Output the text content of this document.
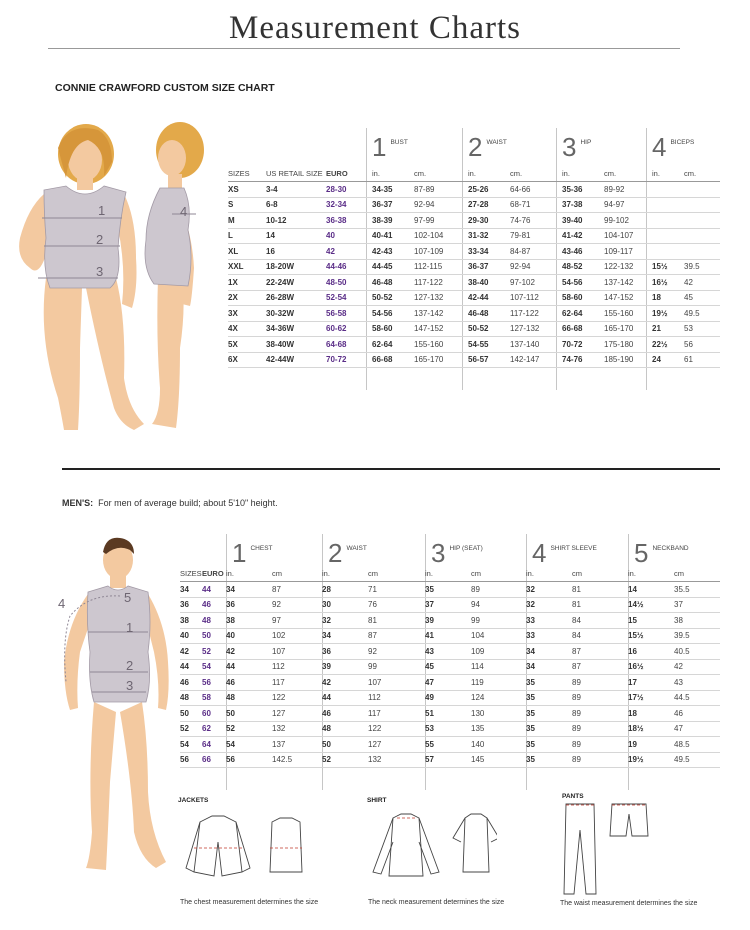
Measurement Charts
CONNIE CRAWFORD CUSTOM SIZE CHART
1
2
3
4
1 BUST 2 WAIST 3 HIP 4 BICEPS
SIZES	US RETAIL SIZE	EURO	in.	cm.	in.	cm.	in.	cm.	in.	cm.
XS	3-4	28-30	34-35	87-89	25-26	64-66	35-36	89-92		
S	6-8	32-34	36-37	92-94	27-28	68-71	37-38	94-97		
M	10-12	36-38	38-39	97-99	29-30	74-76	39-40	99-102		
L	14	40	40-41	102-104	31-32	79-81	41-42	104-107		
XL	16	42	42-43	107-109	33-34	84-87	43-46	109-117		
XXL	18-20W	44-46	44-45	112-115	36-37	92-94	48-52	122-132	15½	39.5
1X	22-24W	48-50	46-48	117-122	38-40	97-102	54-56	137-142	16½	42
2X	26-28W	52-54	50-52	127-132	42-44	107-112	58-60	147-152	18	45
3X	30-32W	56-58	54-56	137-142	46-48	117-122	62-64	155-160	19½	49.5
4X	34-36W	60-62	58-60	147-152	50-52	127-132	66-68	165-170	21	53
5X	38-40W	64-68	62-64	155-160	54-55	137-140	70-72	175-180	22½	56
6X	42-44W	70-72	66-68	165-170	56-57	142-147	74-76	185-190	24	61
MEN'S: For men of average build; about 5'10" height.
5
4
1
2
3
1 CHEST 2 WAIST 3 HIP (SEAT) 4 SHIRT SLEEVE 5 NECKBAND
SIZES	EURO	in.	cm	in.	cm	in.	cm	in.	cm	in.	cm
34	44	34	87	28	71	35	89	32	81	14	35.5
36	46	36	92	30	76	37	94	32	81	14½	37
38	48	38	97	32	81	39	99	33	84	15	38
40	50	40	102	34	87	41	104	33	84	15½	39.5
42	52	42	107	36	92	43	109	34	87	16	40.5
44	54	44	112	39	99	45	114	34	87	16½	42
46	56	46	117	42	107	47	119	35	89	17	43
48	58	48	122	44	112	49	124	35	89	17½	44.5
50	60	50	127	46	117	51	130	35	89	18	46
52	62	52	132	48	122	53	135	35	89	18½	47
54	64	54	137	50	127	55	140	35	89	19	48.5
56	66	56	142.5	52	132	57	145	35	89	19½	49.5
JACKETS
The chest measurement determines the size
SHIRT
The neck measurement determines the size
PANTS
The waist measurement determines the size
